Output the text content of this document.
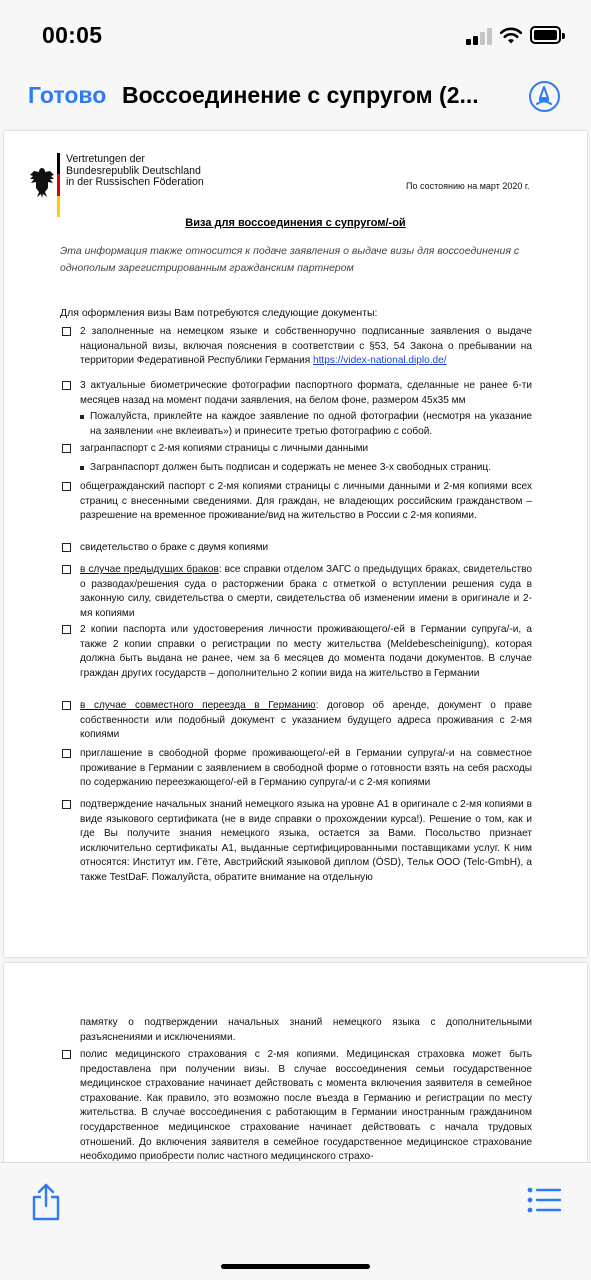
00:05
Готово Воссоединение с супругом (2...
Vertretungen der
Bundesrepublik Deutschland
in der Russischen Föderation	По состоянию на март 2020 г.
Виза для воссоединения с супругом/-ой
Эта информация также относится к подаче заявления о выдаче визы для воссоединения с однополым зарегистрированным гражданским партнером
Для оформления визы Вам потребуются следующие документы:
2 заполненные на немецком языке и собственноручно подписанные заявления о выдаче национальной визы, включая пояснения в соответствии с §53, 54 Закона о пребывании на территории Федеративной Республики Германия https://videx-national.diplo.de/
3 актуальные биометрические фотографии паспортного формата, сделанные не ранее 6-ти месяцев назад на момент подачи заявления, на белом фоне, размером 45x35 мм
Пожалуйста, приклейте на каждое заявление по одной фотографии (несмотря на указание на заявлении «не вклеивать») и принесите третью фотографию с собой.
загранпаспорт с 2-мя копиями страницы с личными данными
Загранпаспорт должен быть подписан и содержать не менее 3-х свободных страниц.
общегражданский паспорт с 2-мя копиями страницы с личными данными и 2-мя копиями всех страниц с внесенными сведениями. Для граждан, не владеющих российским гражданством – разрешение на временное проживание/вид на жительство в России с 2-мя копиями.
свидетельство о браке с двумя копиями
в случае предыдущих браков: все справки отделом ЗАГС о предыдущих браках, свидетельство о разводах/решения суда о расторжении брака с отметкой о вступлении решения суда в законную силу, свидетельства о смерти, свидетельства об изменении имени в оригинале и 2-мя копиями
2 копии паспорта или удостоверения личности проживающего/-ей в Германии супруга/-и, а также 2 копии справки о регистрации по месту жительства (Meldebescheinigung), которая должна быть выдана не ранее, чем за 6 месяцев до момента подачи документов. В случае граждан других государств – дополнительно 2 копии вида на жительство в Германии
в случае совместного переезда в Германию: договор об аренде, документ о праве собственности или подобный документ с указанием будущего адреса проживания с 2-мя копиями
приглашение в свободной форме проживающего/-ей в Германии супруга/-и на совместное проживание в Германии с заявлением в свободной форме о готовности взять на себя расходы по содержанию переезжающего/-ей в Германию супруга/-и с 2-мя копиями
подтверждение начальных знаний немецкого языка на уровне A1 в оригинале с 2-мя копиями в виде языкового сертификата (не в виде справки о прохождении курса!). Решение о том, как и где Вы получите знания немецкого языка, остается за Вами. Посольство признает исключительно сертификаты A1, выданные сертифицированными поставщиками услуг. К ним относятся: Институт им. Гёте, Австрийский языковой диплом (ÖSD), Тельк ООО (Telc-GmbH), а также TestDaF. Пожалуйста, обратите внимание на отдельную
памятку о подтверждении начальных знаний немецкого языка с дополнительными разъяснениями и исключениями.
полис медицинского страхования с 2-мя копиями. Медицинская страховка может быть предоставлена при получении визы. В случае воссоединения семьи государственное медицинское страхование начинает действовать с момента включения заявителя в семейное страхование. Как правило, это возможно после въезда в Германию и регистрации по месту жительства. В случае воссоединения с работающим в Германии иностранным гражданином государственное медицинское страхование начинает действовать с начала трудовых отношений. До включения заявителя в семейное государственное медицинское страхование необходимо приобрести полис частного медицинского страхо-
